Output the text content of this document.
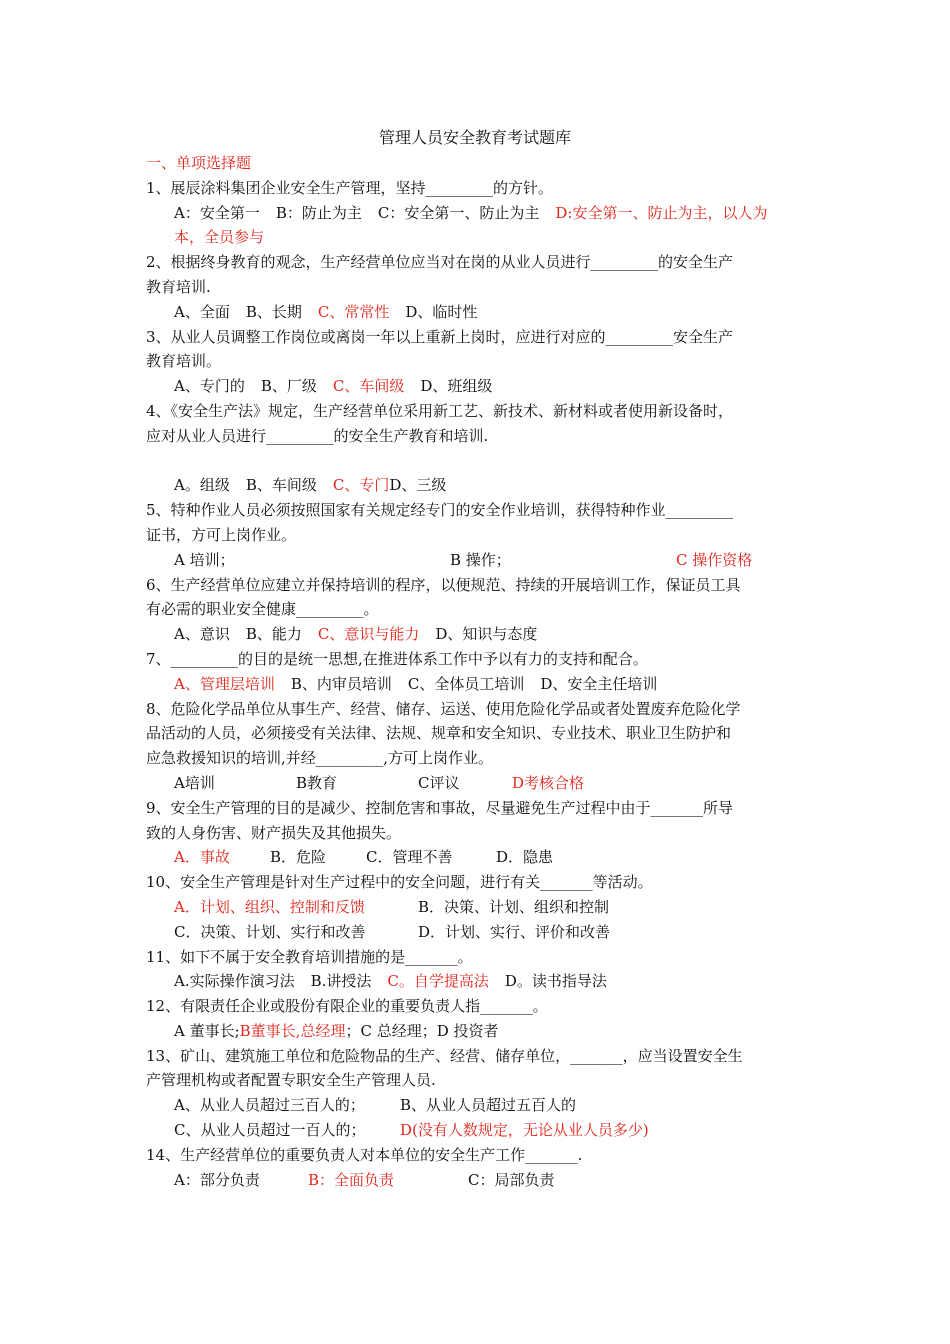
管理人员安全教育考试题库
一、单项选择题
1、展辰涂料集团企业安全生产管理，坚持_________的方针。
A：安全第一 B：防止为主 C：安全第一、防止为主 D:安全第一、防止为主，以人为
本，全员参与
2、根据终身教育的观念，生产经营单位应当对在岗的从业人员进行_________的安全生产
教育培训.
A、全面 B、长期 C、常常性 D、临时性
3、从业人员调整工作岗位或离岗一年以上重新上岗时，应进行对应的_________安全生产
教育培训。
A、专门的 B、厂级 C、车间级 D、班组级
4、《安全生产法》规定，生产经营单位采用新工艺、新技术、新材料或者使用新设备时，
应对从业人员进行_________的安全生产教育和培训.
A。组级 B、车间级 C、专门D、三级
5、特种作业人员必须按照国家有关规定经专门的安全作业培训，获得特种作业_________
证书，方可上岗作业。
A 培训；	B 操作；	C 操作资格
6、生产经营单位应建立并保持培训的程序，以便规范、持续的开展培训工作，保证员工具
有必需的职业安全健康_________。
A、意识 B、能力 C、意识与能力 D、知识与态度
7、_________的目的是统一思想,在推进体系工作中予以有力的支持和配合。
A、管理层培训 B、内审员培训 C、全体员工培训 D、安全主任培训
8、危险化学品单位从事生产、经营、储存、运送、使用危险化学品或者处置废弃危险化学
品活动的人员，必须接受有关法律、法规、规章和安全知识、专业技术、职业卫生防护和
应急救援知识的培训,并经_________,方可上岗作业。
A培训	B教育	C评议	D考核合格
9、安全生产管理的目的是减少、控制危害和事故，尽量避免生产过程中由于_______所导
致的人身伤害、财产损失及其他损失。
A．事故	B．危险	C．管理不善	D．隐患
10、安全生产管理是针对生产过程中的安全问题，进行有关_______等活动。
A．计划、组织、控制和反馈	B．决策、计划、组织和控制
C．决策、计划、实行和改善	D．计划、实行、评价和改善
11、如下不属于安全教育培训措施的是_______。
A.实际操作演习法 B.讲授法 C。自学提高法 D。读书指导法
12、有限责任企业或股份有限企业的重要负责人指_______。
A 董事长;B董事长,总经理；C 总经理；D 投资者
13、矿山、建筑施工单位和危险物品的生产、经营、储存单位，_______，应当设置安全生
产管理机构或者配置专职安全生产管理人员.
A、从业人员超过三百人的； B、从业人员超过五百人的
C、从业人员超过一百人的； D(没有人数规定，无论从业人员多少)
14、生产经营单位的重要负责人对本单位的安全生产工作_______.
A：部分负责	B：全面负责	C：局部负责
